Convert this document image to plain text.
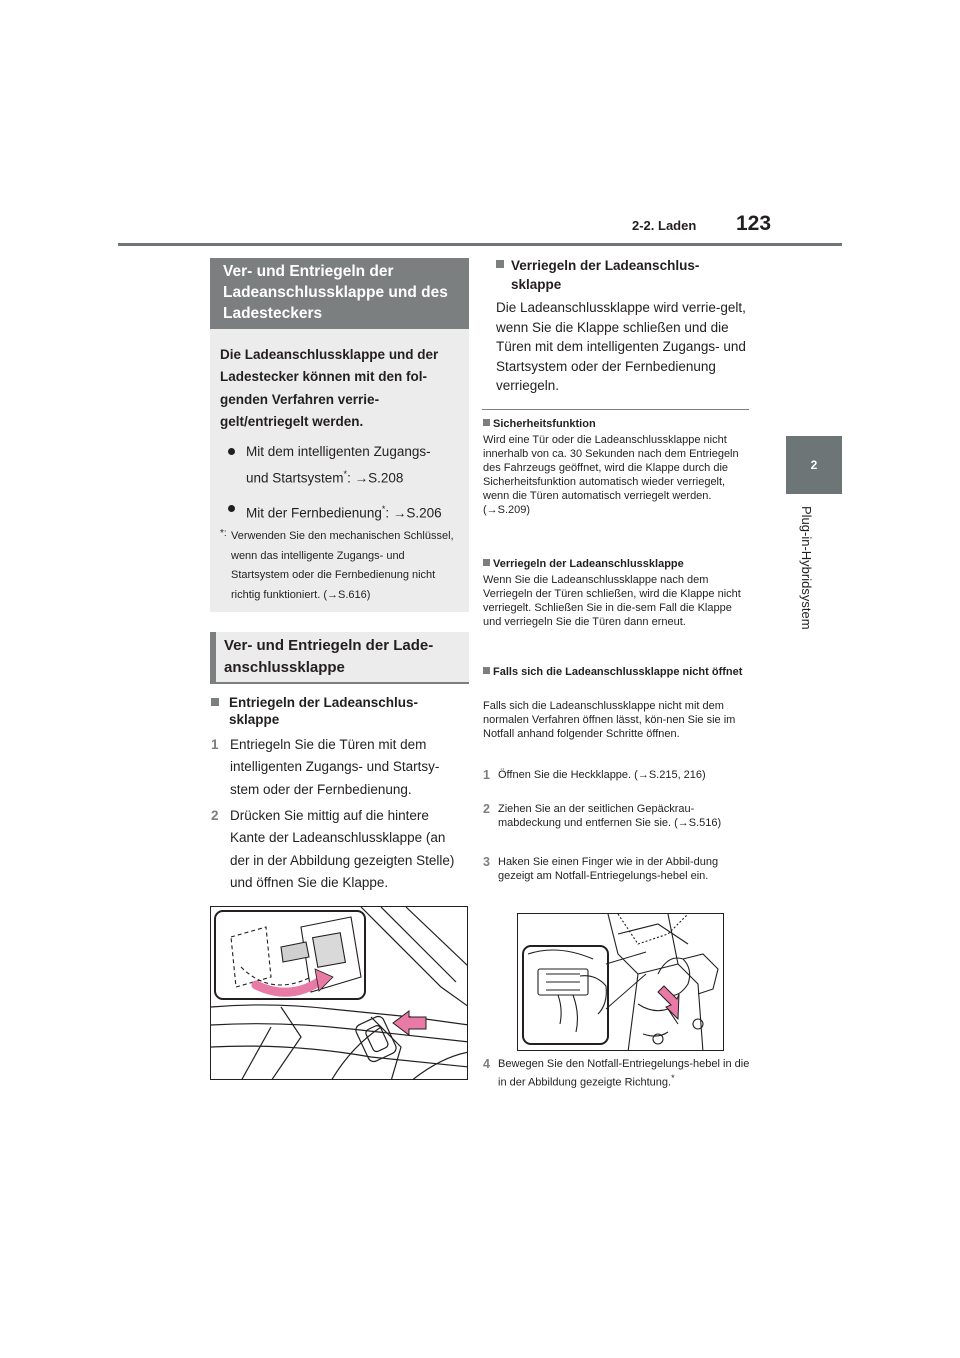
2-2. Laden 123
2
Plug-in-Hybridsystem
Ver- und Entriegeln der Ladeanschlussklappe und des Ladesteckers
Die Ladeanschlussklappe und der Ladestecker können mit den fol-genden Verfahren verrie-gelt/entriegelt werden.
Mit dem intelligenten Zugangs-
und Startsystem*: →S.208
Mit der Fernbedienung*: →S.206
*: Verwenden Sie den mechanischen Schlüssel, wenn das intelligente Zugangs- und Startsystem oder die Fernbedienung nicht richtig funktioniert. (→S.616)
Ver- und Entriegeln der Lade-anschlussklappe
Entriegeln der Ladeanschlus-sklappe
1 Entriegeln Sie die Türen mit dem intelligenten Zugangs- und Startsy-stem oder der Fernbedienung.
2 Drücken Sie mittig auf die hintere Kante der Ladeanschlussklappe (an der in der Abbildung gezeigten Stelle) und öffnen Sie die Klappe.
Verriegeln der Ladeanschlus-sklappe
Die Ladeanschlussklappe wird verrie-gelt, wenn Sie die Klappe schließen und die Türen mit dem intelligenten Zugangs- und Startsystem oder der Fernbedienung verriegeln.
Sicherheitsfunktion
Wird eine Tür oder die Ladeanschlussklappe nicht innerhalb von ca. 30 Sekunden nach dem Entriegeln des Fahrzeugs geöffnet, wird die Klappe durch die Sicherheitsfunktion automatisch wieder verriegelt, wenn die Türen automatisch verriegelt werden. (→S.209)
Verriegeln der Ladeanschlussklappe
Wenn Sie die Ladeanschlussklappe nach dem Verriegeln der Türen schließen, wird die Klappe nicht verriegelt. Schließen Sie in die-sem Fall die Klappe und verriegeln Sie die Türen dann erneut.
Falls sich die Ladeanschlussklappe nicht öffnet
Falls sich die Ladeanschlussklappe nicht mit dem normalen Verfahren öffnen lässt, kön-nen Sie sie im Notfall anhand folgender Schritte öffnen.
1 Öffnen Sie die Heckklappe. (→S.215, 216)
2 Ziehen Sie an der seitlichen Gepäckrau-mabdeckung und entfernen Sie sie. (→S.516)
3 Haken Sie einen Finger wie in der Abbil-dung gezeigt am Notfall-Entriegelungs-hebel ein.
4 Bewegen Sie den Notfall-Entriegelungs-hebel in die in der Abbildung gezeigte Richtung.*
